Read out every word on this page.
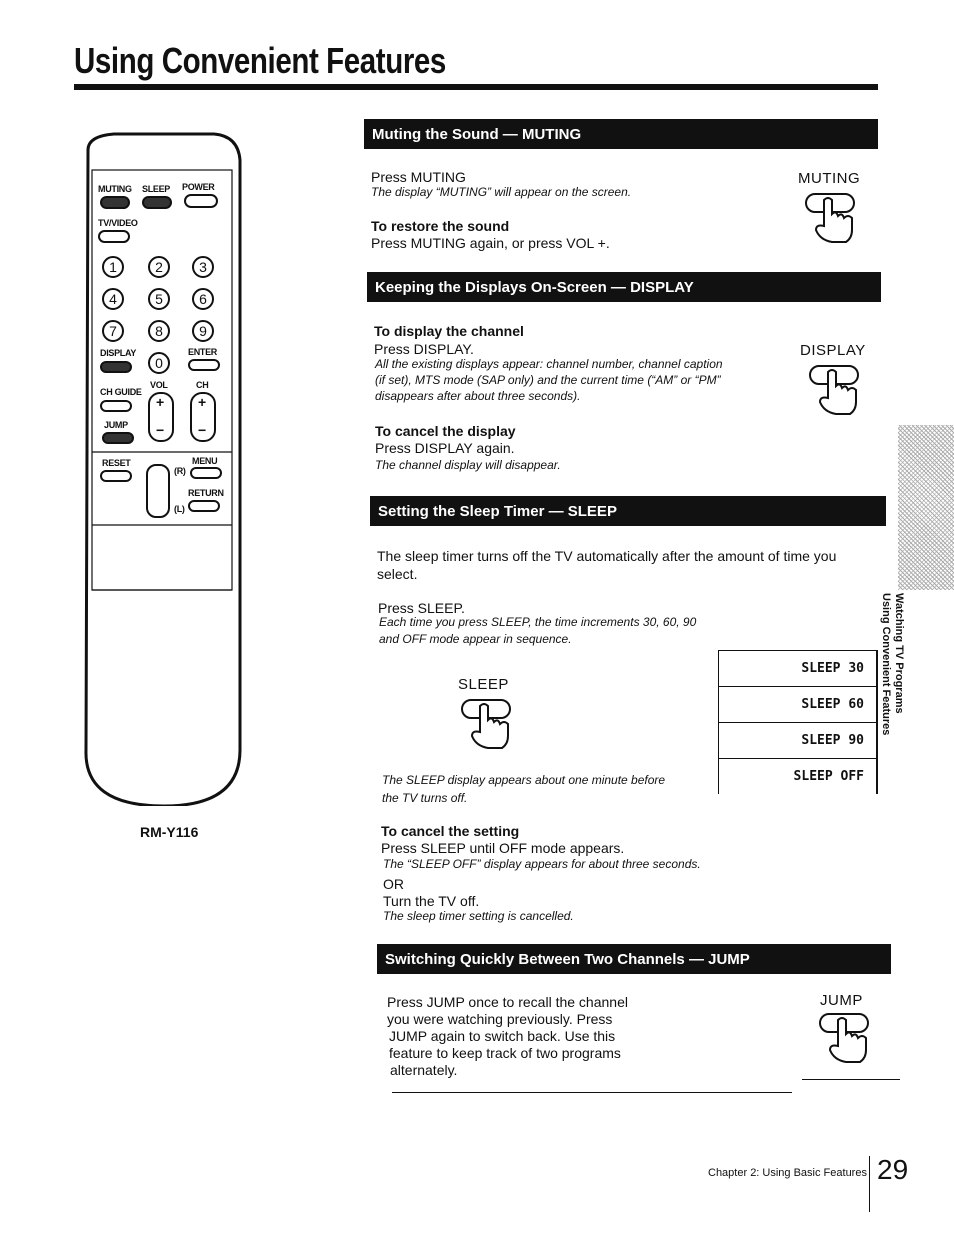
Using Convenient Features
MUTING SLEEP POWER
TV/VIDEO
1	2	3
4	5	6
7	8	9
DISPLAY
0
ENTER
CH GUIDE
VOL	CH
+
−
+
−
JUMP
RESET
(R)
MENU
(L)
RETURN
RM-Y116
Muting the Sound — MUTING
Press MUTING
The display “MUTING” will appear on the screen.
To restore the sound
Press MUTING again, or press VOL +.
MUTING
Keeping the Displays On-Screen — DISPLAY
To display the channel
Press DISPLAY.
All the existing displays appear: channel number, channel caption
(if set), MTS mode (SAP only) and the current time (“AM” or “PM”
disappears after about three seconds).
To cancel the display
Press DISPLAY again.
The channel display will disappear.
DISPLAY
Setting the Sleep Timer — SLEEP
The sleep timer turns off the TV automatically after the amount of time you
select.
Press SLEEP.
Each time you press SLEEP, the time increments 30, 60, 90
and OFF mode appear in sequence.
SLEEP
The SLEEP display appears about one minute before
the TV turns off.
SLEEP 30
SLEEP 60
SLEEP 90
SLEEP OFF
To cancel the setting
Press SLEEP until OFF mode appears.
The “SLEEP OFF” display appears for about three seconds.
OR
Turn the TV off.
The sleep timer setting is cancelled.
Switching Quickly Between Two Channels — JUMP
Press JUMP once to recall the channel
you were watching previously. Press
JUMP again to switch back. Use this
feature to keep track of two programs
alternately.
JUMP
Watching TV Programs
Using Convenient Features
Chapter 2: Using Basic Features 29
